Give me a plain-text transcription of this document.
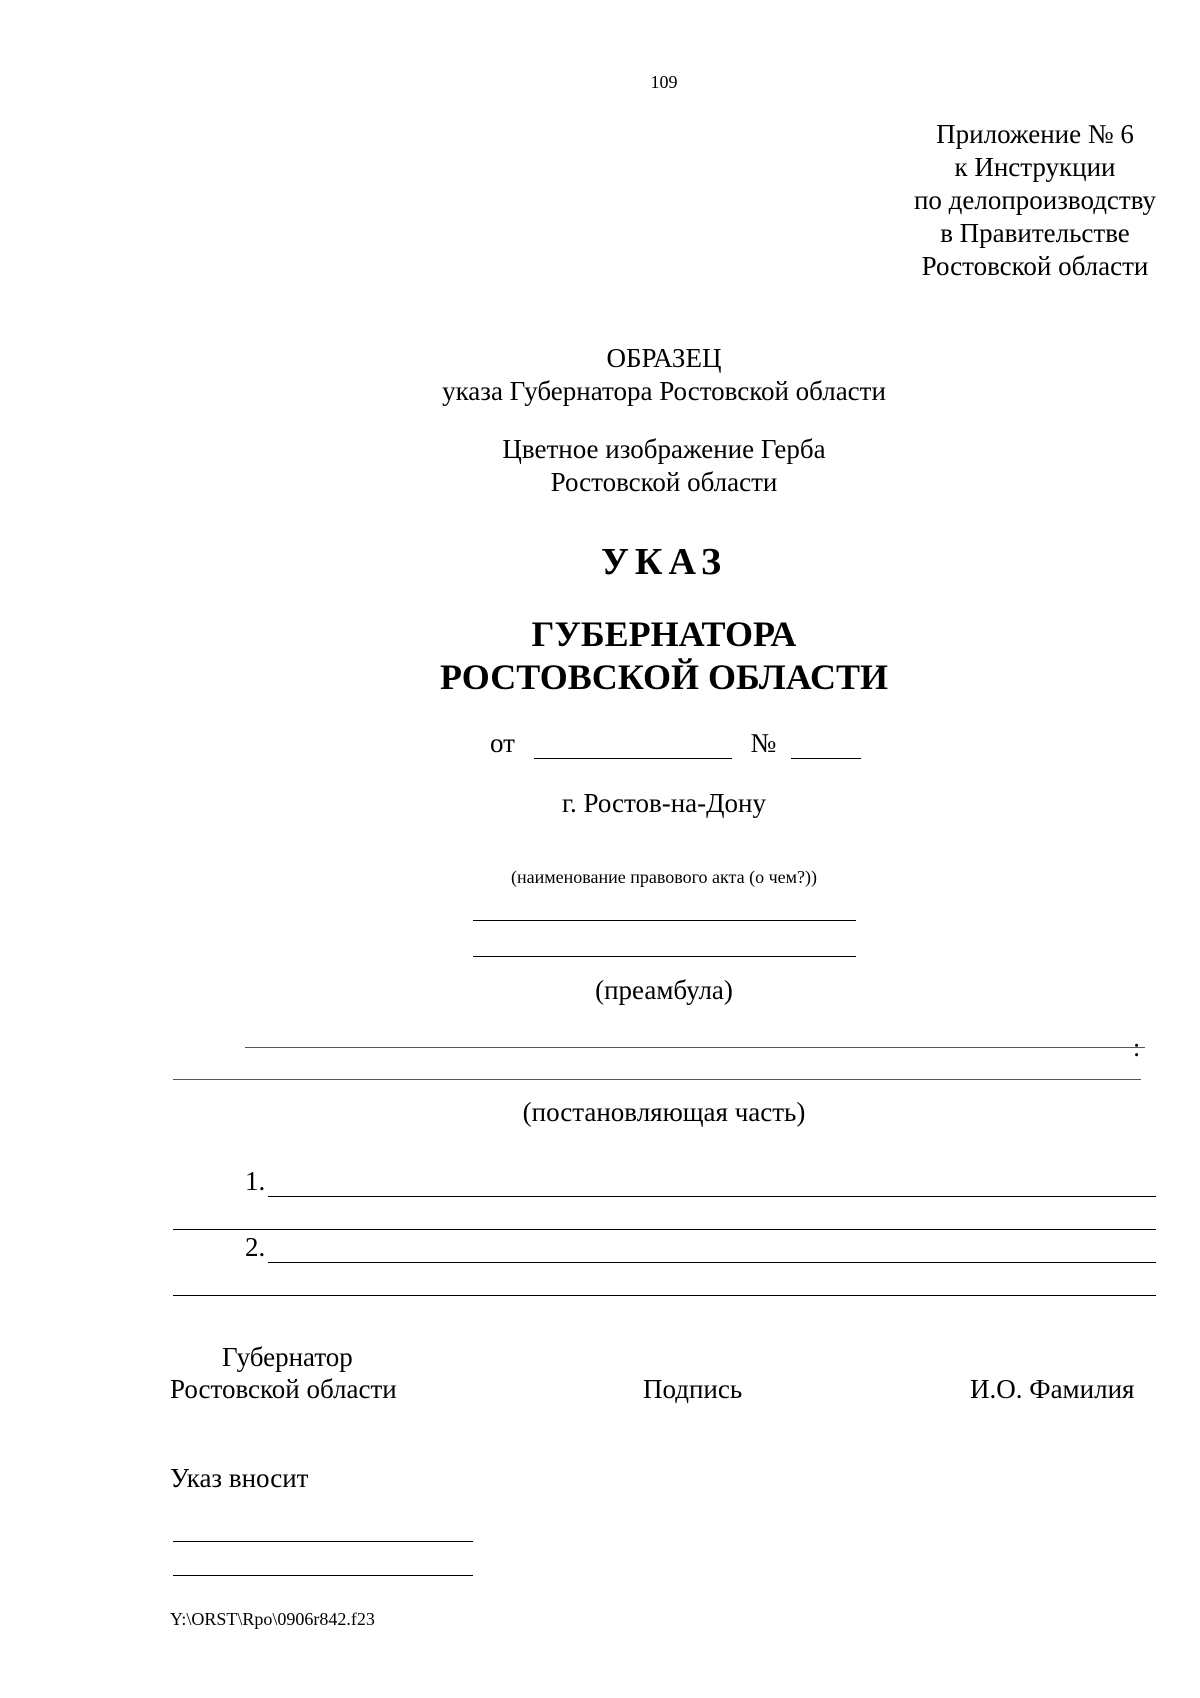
109
Приложение № 6
к Инструкции
по делопроизводству
в Правительстве
Ростовской области
ОБРАЗЕЦ
указа Губернатора Ростовской области
Цветное изображение Герба
Ростовской области
УКАЗ
ГУБЕРНАТОРА
РОСТОВСКОЙ ОБЛАСТИ
от	№
г. Ростов-на-Дону
(наименование правового акта (о чем?))
(преамбула)
:
(постановляющая часть)
1.
2.
Губернатор
Ростовской области	Подпись	И.О. Фамилия
Указ вносит
Y:\ORST\Rpo\0906r842.f23
